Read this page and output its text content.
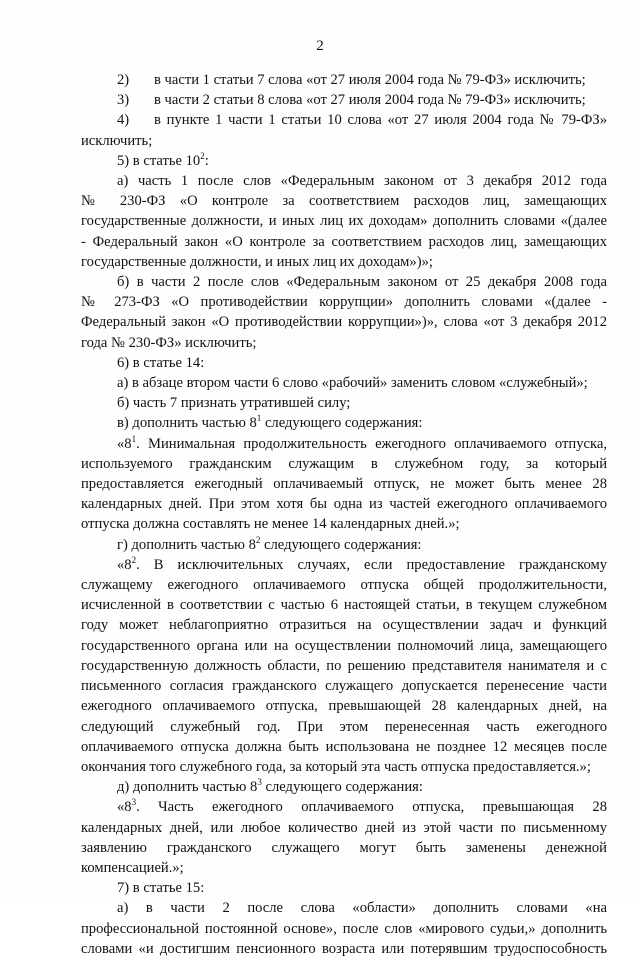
2
2)	в части 1 статьи 7 слова «от 27 июля 2004 года № 79-ФЗ» исключить;
3)	в части 2 статьи 8 слова «от 27 июля 2004 года № 79-ФЗ» исключить;
4)	в пункте 1 части 1 статьи 10 слова «от 27 июля 2004 года № 79-ФЗ»

исключить;

5) в статье $10^2$:

а) часть 1 после слов «Федеральным законом от 3 декабря 2012 года

№ 230-ФЗ «О контроле за соответствием расходов лиц, замещающих

государственные должности, и иных лиц их доходам» дополнить словами «(далее

- Федеральный закон «О контроле за соответствием расходов лиц, замещающих

государственные должности, и иных лиц их доходам»)»;

б) в части 2 после слов «Федеральным законом от 25 декабря 2008 года

№ 273-ФЗ «О противодействии коррупции» дополнить словами «(далее -

Федеральный закон «О противодействии коррупции»)», слова «от 3 декабря 2012

года № 230-ФЗ» исключить;

6) в статье 14:

а) в абзаце втором части 6 слово «рабочий» заменить словом «служебный»;

б) часть 7 признать утратившей силу;

в) дополнить частью $8^1$ следующего содержания:

«$8^1$. Минимальная продолжительность ежегодного оплачиваемого отпуска,

используемого гражданским служащим в служебном году, за который

предоставляется ежегодный оплачиваемый отпуск, не может быть менее 28

календарных дней. При этом хотя бы одна из частей ежегодного оплачиваемого

отпуска должна составлять не менее 14 календарных дней.»;

г) дополнить частью $8^2$ следующего содержания:

«$8^2$. В исключительных случаях, если предоставление гражданскому

служащему ежегодного оплачиваемого отпуска общей продолжительности,

исчисленной в соответствии с частью 6 настоящей статьи, в текущем служебном

году может неблагоприятно отразиться на осуществлении задач и функций

государственного органа или на осуществлении полномочий лица, замещающего

государственную должность области, по решению представителя нанимателя и с

письменного согласия гражданского служащего допускается перенесение части

ежегодного оплачиваемого отпуска, превышающей 28 календарных дней, на

следующий служебный год. При этом перенесенная часть ежегодного

оплачиваемого отпуска должна быть использована не позднее 12 месяцев после

окончания того служебного года, за который эта часть отпуска предоставляется.»;

д) дополнить частью $8^3$ следующего содержания:

«$8^3$. Часть ежегодного оплачиваемого отпуска, превышающая 28

календарных дней, или любое количество дней из этой части по письменному

заявлению гражданского служащего могут быть заменены денежной

компенсацией.»;

7) в статье 15:

а) в части 2 после слова «области» дополнить словами «на

профессиональной постоянной основе», после слов «мирового судьи,» дополнить

словами «и достигшим пенсионного возраста или потерявшим трудоспособность
